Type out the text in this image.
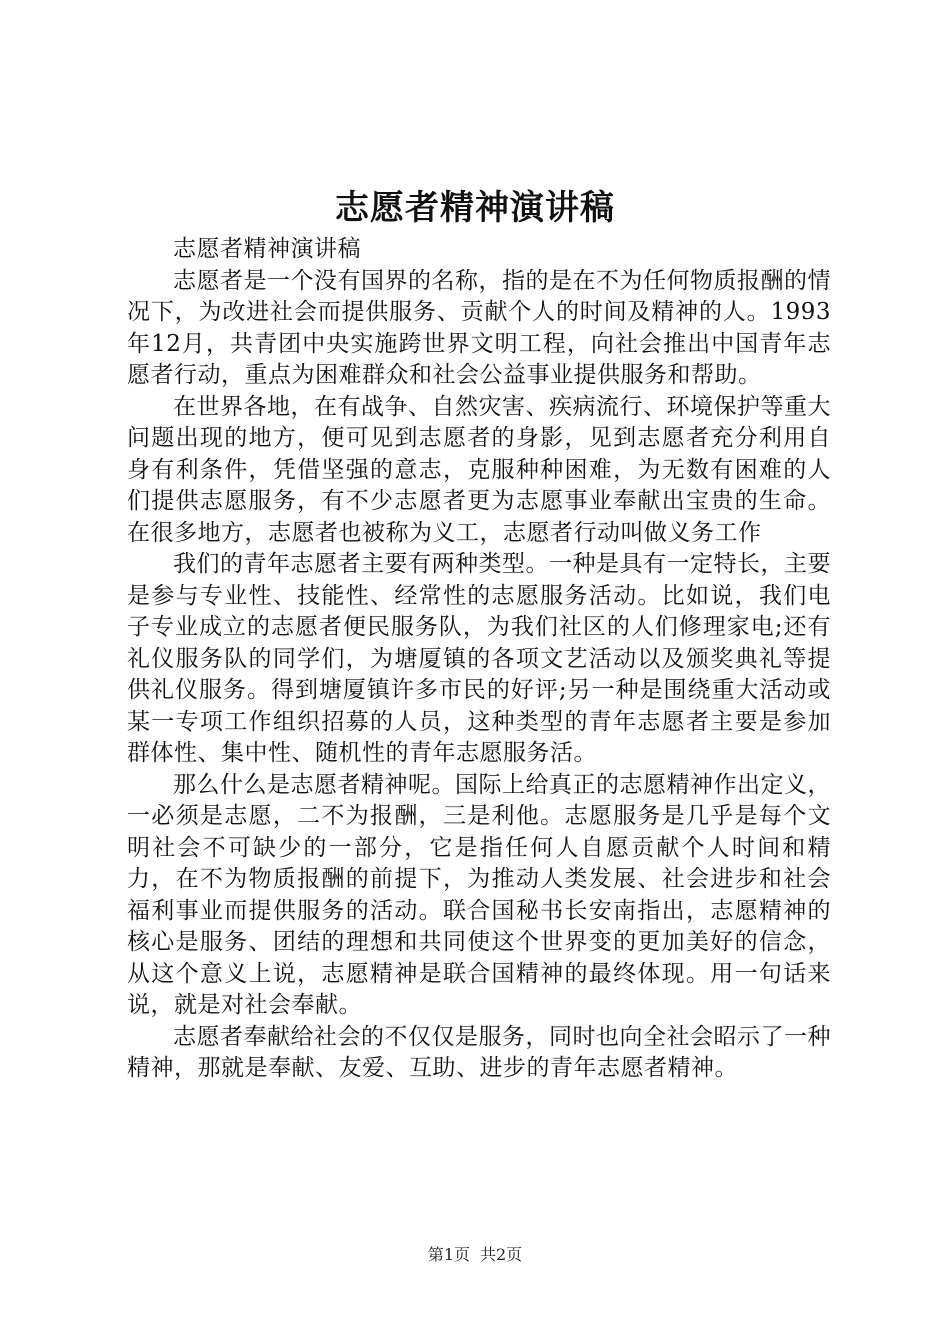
志愿者精神演讲稿

志愿者精神演讲稿

志愿者是一个没有国界的名称，指的是在不为任何物质报酬的情况下，为改进社会而提供服务、贡献个人的时间及精神的人。1993年12月，共青团中央实施跨世界文明工程，向社会推出中国青年志愿者行动，重点为困难群众和社会公益事业提供服务和帮助。

在世界各地，在有战争、自然灾害、疾病流行、环境保护等重大问题出现的地方，便可见到志愿者的身影，见到志愿者充分利用自身有利条件，凭借坚强的意志，克服种种困难，为无数有困难的人们提供志愿服务，有不少志愿者更为志愿事业奉献出宝贵的生命。在很多地方，志愿者也被称为义工，志愿者行动叫做义务工作

我们的青年志愿者主要有两种类型。一种是具有一定特长，主要是参与专业性、技能性、经常性的志愿服务活动。比如说，我们电子专业成立的志愿者便民服务队，为我们社区的人们修理家电;还有礼仪服务队的同学们，为塘厦镇的各项文艺活动以及颁奖典礼等提供礼仪服务。得到塘厦镇许多市民的好评;另一种是围绕重大活动或某一专项工作组织招募的人员，这种类型的青年志愿者主要是参加群体性、集中性、随机性的青年志愿服务活。

那么什么是志愿者精神呢。国际上给真正的志愿精神作出定义，一必须是志愿，二不为报酬，三是利他。志愿服务是几乎是每个文明社会不可缺少的一部分，它是指任何人自愿贡献个人时间和精力，在不为物质报酬的前提下，为推动人类发展、社会进步和社会福利事业而提供服务的活动。联合国秘书长安南指出，志愿精神的核心是服务、团结的理想和共同使这个世界变的更加美好的信念，从这个意义上说，志愿精神是联合国精神的最终体现。用一句话来说，就是对社会奉献。

志愿者奉献给社会的不仅仅是服务，同时也向全社会昭示了一种精神，那就是奉献、友爱、互助、进步的青年志愿者精神。

第1页 共2页
